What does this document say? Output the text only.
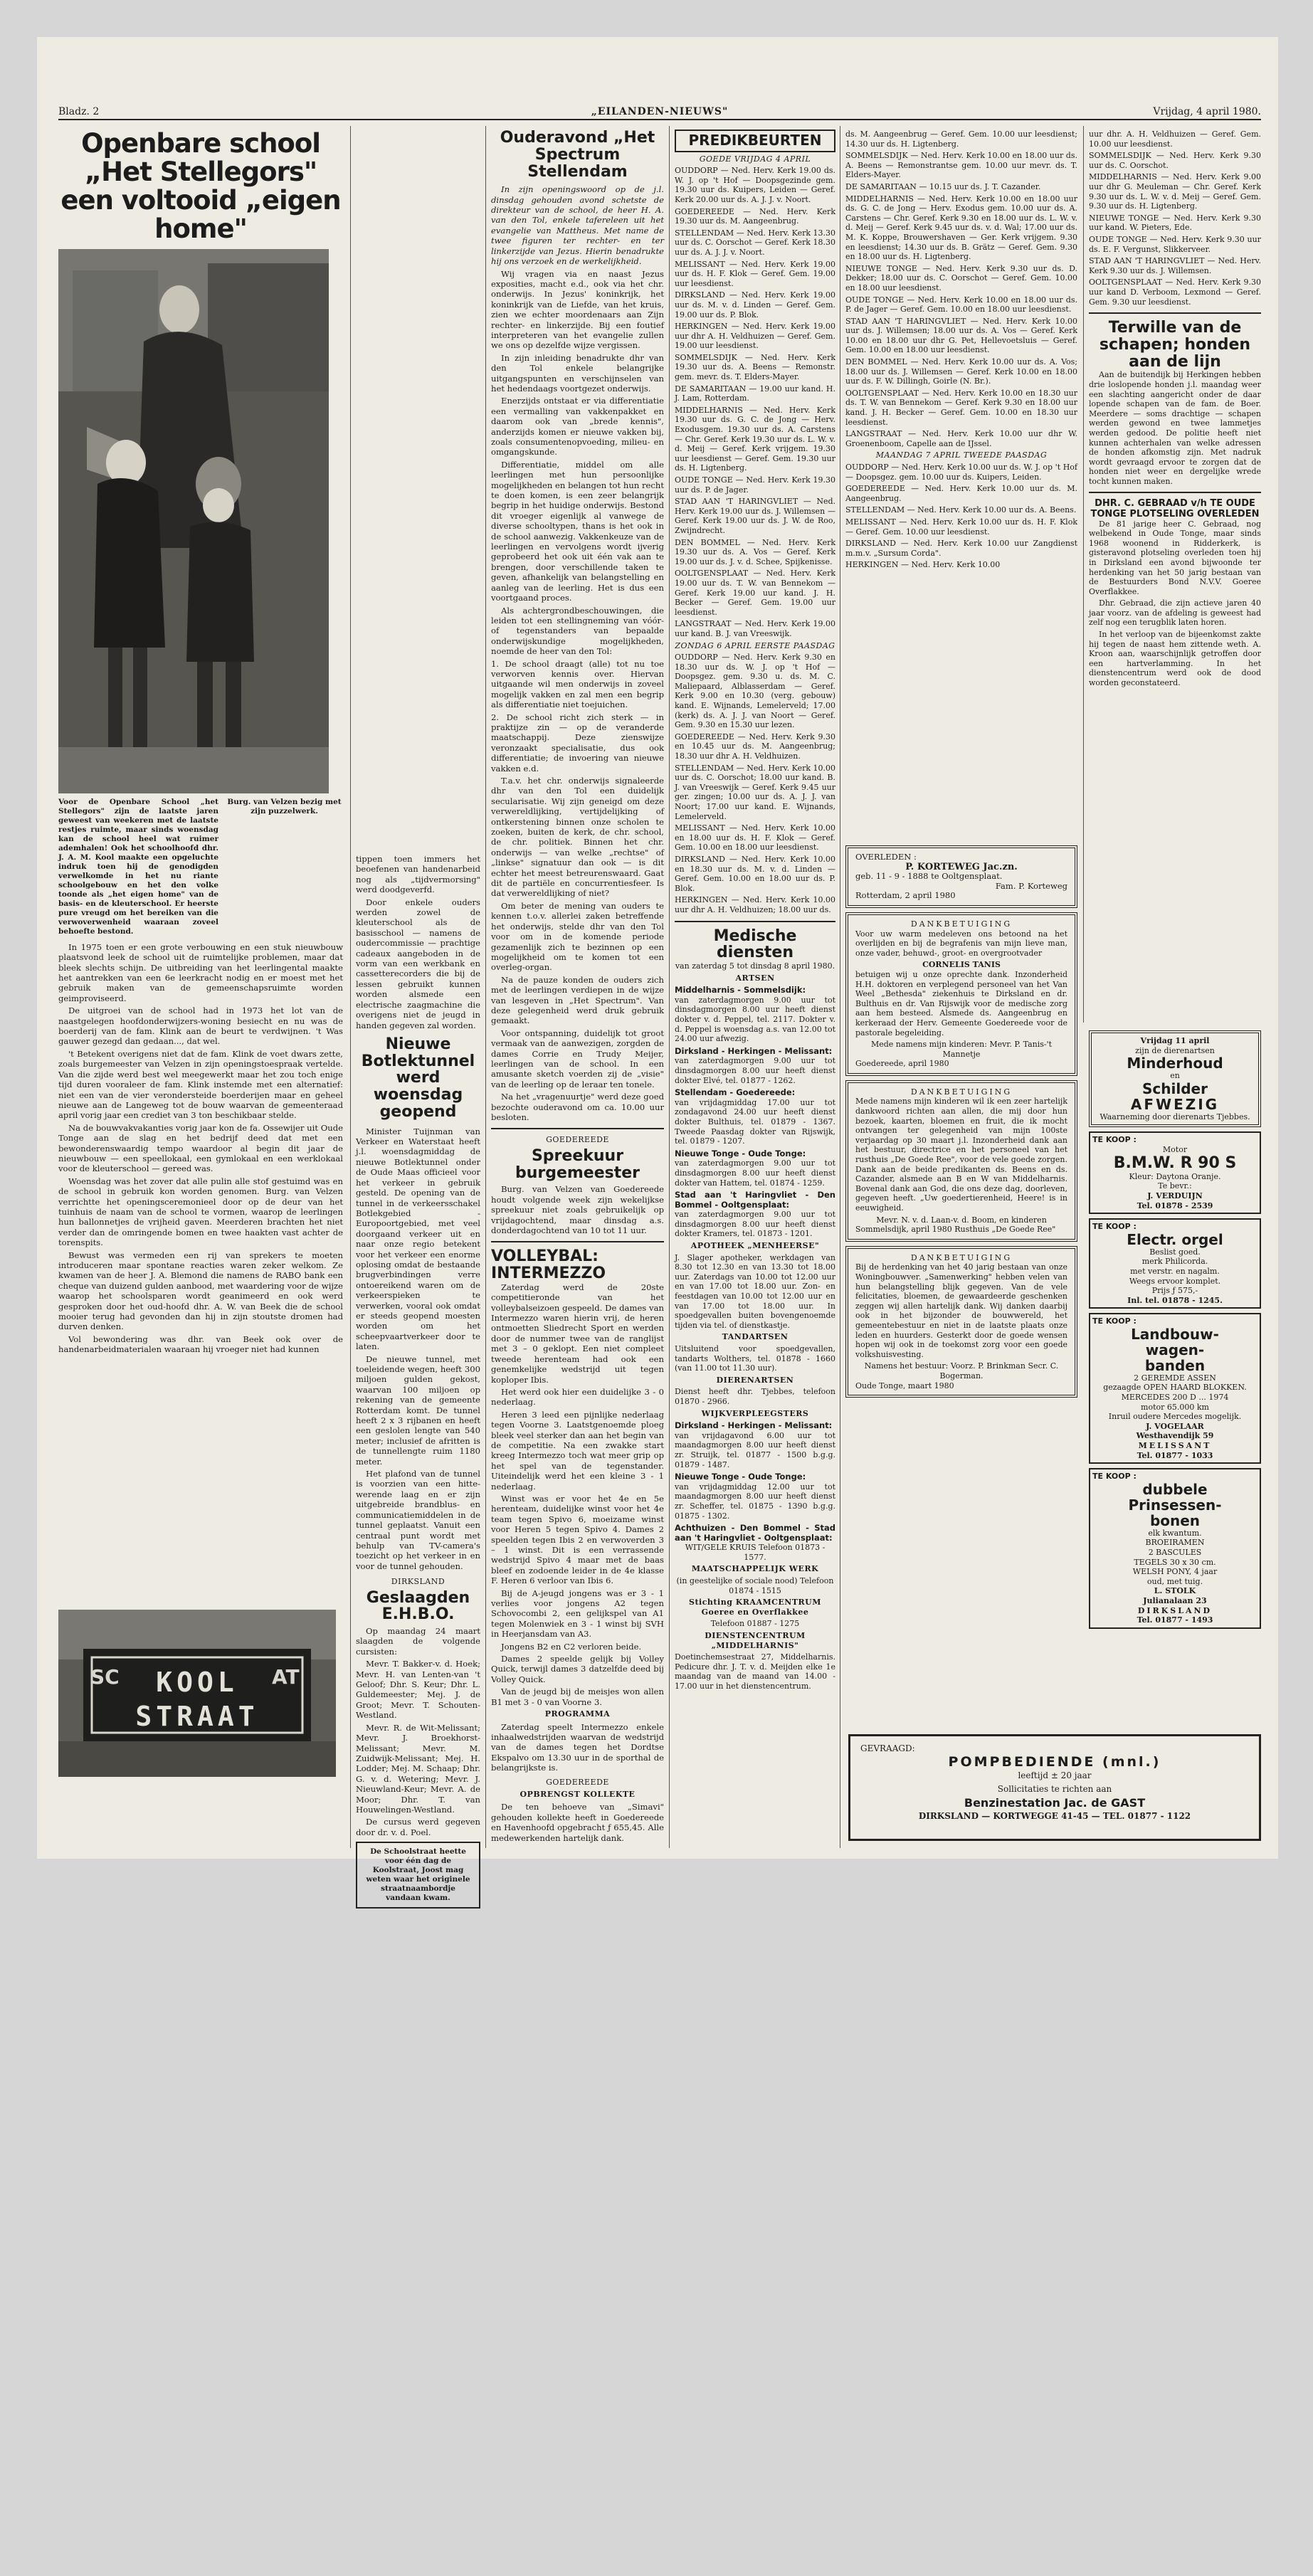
Bladz. 2	„EILANDEN-NIEUWS"	Vrijdag, 4 april 1980.
Openbare school „Het Stellegors"
een voltooid „eigen home"
Voor de Openbare School „het Stellegors" zijn de laatste jaren geweest van weekeren met de laatste restjes ruimte, maar sinds woensdag kan de school heel wat ruimer ademhalen! Ook het schoolhoofd dhr. J. A. M. Kool maakte een opgeluchte indruk toen hij de genodigden verwelkomde in het nu riante schoolgebouw en het den volke toonde als „het eigen home" van de basis- en de kleuterschool. Er heerste pure vreugd om het bereiken van die verwoverwenheid waaraan zoveel behoefte bestond.
Burg. van Velzen bezig met zijn puzzelwerk.

In 1975 toen er een grote verbouwing en een stuk nieuwbouw plaatsvond leek de school uit de ruimtelijke problemen, maar dat bleek slechts schijn. De uitbreiding van het leerlingental maakte het aantrekken van een 6e leerkracht nodig en er moest met het gebruik maken van de gemeenschapsruimte worden geimproviseerd.

De uitgroei van de school had in 1973 het lot van de naastgelegen hoofdonderwijzers-woning besiecht en nu was de boerderij van de fam. Klink aan de beurt te verdwijnen. 't Was gauwer gezegd dan gedaan..., dat wel.

't Betekent overigens niet dat de fam. Klink de voet dwars zette, zoals burgemeester van Velzen in zijn openingstoespraak vertelde. Van die zijde werd best wel meegewerkt maar het zou toch enige tijd duren vooraleer de fam. Klink instemde met een alternatief: niet een van de vier verondersteide boerderijen maar en geheel nieuwe aan de Langeweg tot de bouw waarvan de gemeenteraad april vorig jaar een crediet van 3 ton beschikbaar stelde.

Na de bouwvakvakanties vorig jaar kon de fa. Ossewijer uit Oude Tonge aan de slag en het bedrijf deed dat met een bewonderenswaardig tempo waardoor al begin dit jaar de nieuwbouw — een speellokaal, een gymlokaal en een werklokaal voor de kleuterschool — gereed was.

Woensdag was het zover dat alle pulin alle stof gestuimd was en de school in gebruik kon worden genomen. Burg. van Velzen verrichtte het openingsceremonieel door op de deur van het tuinhuis de naam van de school te vormen, waarop de leerlingen hun ballonnetjes de vrijheid gaven. Meerderen brachten het niet verder dan de omringende bomen en twee haakten vast achter de torenspits.

Bewust was vermeden een rij van sprekers te moeten introduceren maar spontane reacties waren zeker welkom. Ze kwamen van de heer J. A. Blemond die namens de RABO bank een cheque van duizend gulden aanbood, met waardering voor de wijze waarop het schoolsparen wordt geanimeerd en ook werd gesproken door het oud-hoofd dhr. A. W. van Beek die de school mooier terug had gevonden dan hij in zijn stoutste dromen had durven denken.

Vol bewondering was dhr. van Beek ook over de handenarbeidmaterialen waaraan hij vroeger niet had kunnen

SC	AT
KOOL STRAAT

tippen toen immers het beoefenen van handenarbeid nog als „tijdvermorsing" werd doodgeverfd.

Door enkele ouders werden zowel de kleuterschool als de basisschool — namens de oudercommissie — prachtige cadeaux aangeboden in de vorm van een werkbank en cassetterecorders die bij de lessen gebruikt kunnen worden alsmede een electrische zaagmachine die overigens niet de jeugd in handen gegeven zal worden.

Nieuwe Botlektunnel werd woensdag geopend

Minister Tuijnman van Verkeer en Waterstaat heeft j.l. woensdagmiddag de nieuwe Botlektunnel onder de Oude Maas officieel voor het verkeer in gebruik gesteld. De opening van de tunnel in de verkeersschakel Botlekgebied - Europoortgebied, met veel doorgaand verkeer uit en naar onze regio betekent voor het verkeer een enorme oplosing omdat de bestaande brugverbindingen verre ontoereikend waren om de verkeerspieken te verwerken, vooral ook omdat er steeds geopend moesten worden om het scheepvaartverkeer door te laten.

De nieuwe tunnel, met toeleidende wegen, heeft 300 miljoen gulden gekost, waarvan 100 miljoen op rekening van de gemeente Rotterdam komt. De tunnel heeft 2 x 3 rijbanen en heeft een geslolen lengte van 540 meter; inclusief de afritten is de tunnellengte ruim 1180 meter.

Het plafond van de tunnel is voorzien van een hitte-werende laag en er zijn uitgebreide brandblus- en communicatiemiddelen in de tunnel geplaatst. Vanuit een centraal punt wordt met behulp van TV-camera's toezicht op het verkeer in en voor de tunnel gehouden.

DIRKSLAND
Geslaagden E.H.B.O.

Op maandag 24 maart slaagden de volgende cursisten:

Mevr. T. Bakker-v. d. Hoek; Mevr. H. van Lenten-van 't Geloof; Dhr. S. Keur; Dhr. L. Guldemeester; Mej. J. de Groot; Mevr. T. Schouten-Westland.

Mevr. R. de Wit-Melissant; Mevr. J. Broekhorst-Melissant; Mevr. M. Zuidwijk-Melissant; Mej. H. Lodder; Mej. M. Schaap; Dhr. G. v. d. Wetering; Mevr. J. Nieuwland-Keur; Mevr. A. de Moor; Dhr. T. van Houwelingen-Westland.

De cursus werd gegeven door dr. v. d. Poel.

De Schoolstraat heette voor één dag de Koolstraat, Joost mag weten waar het originele straatnaambordje vandaan kwam.
Ouderavond „Het Spectrum Stellendam

In zijn openingswoord op de j.l. dinsdag gehouden avond schetste de direkteur van de school, de heer H. A. van den Tol, enkele tafereleen uit het evangelie van Mattheus. Met name de twee figuren ter rechter- en ter linkerzijde van Jezus. Hierin benadrukte hij ons verzoek en de werkelijkheid.

Wij vragen via en naast Jezus exposities, macht e.d., ook via het chr. onderwijs. In Jezus' koninkrijk, het koninkrijk van de Liefde, van het kruis, zien we echter moordenaars aan Zijn rechter- en linkerzijde. Bij een foutief interpreteren van het evangelie zullen we ons op dezelfde wijze vergissen.

In zijn inleiding benadrukte dhr van den Tol enkele belangrijke uitgangspunten en verschijnselen van het hedendaags voortgezet onderwijs.

Enerzijds ontstaat er via differentiatie een vermalling van vakkenpakket en daarom ook van „brede kennis", anderzijds komen er nieuwe vakken bij, zoals consumentenopvoeding, milieu- en omgangskunde.

Differentiatie, middel om alle leerlingen met hun persoonlijke mogelijkheden en belangen tot hun recht te doen komen, is een zeer belangrijk begrip in het huidige onderwijs. Bestond dit vroeger eigenlijk al vanwege de diverse schooltypen, thans is het ook in de school aanwezig. Vakkenkeuze van de leerlingen en vervolgens wordt ijverig geprobeerd het ook uit één vak aan te brengen, door verschillende taken te geven, afhankelijk van belangstelling en aanleg van de leerling. Het is dus een voortgaand proces.

Als achtergrondbeschouwingen, die leiden tot een stellingneming van vóór- of tegenstanders van bepaalde onderwijskundige mogelijkheden, noemde de heer van den Tol:

1. De school draagt (alle) tot nu toe verworven kennis over. Hiervan uitgaande wil men onderwijs in zoveel mogelijk vakken en zal men een begrip als differentiatie niet toejuichen.

2. De school richt zich sterk — in praktijze zin — op de veranderde maatschappij. Deze zienswijze veronzaakt specialisatie, dus ook differentiatie; de invoering van nieuwe vakken e.d.

T.a.v. het chr. onderwijs signaleerde dhr van den Tol een duidelijk secularisatie. Wij zijn geneigd om deze verwereldlijking, vertijdelijking of ontkerstening binnen onze scholen te zoeken, buiten de kerk, de chr. school, de chr. politiek. Binnen het chr. onderwijs — van welke „rechtse" of „linkse" signatuur dan ook — is dit echter het meest betreurenswaard. Gaat dit de partiële en concurrentiesfeer. Is dat verwereldlijking of niet?

Om beter de mening van ouders te kennen t.o.v. allerlei zaken betreffende het onderwijs, stelde dhr van den Tol voor om in de komende periode gezamenlijk zich te bezinnen op een mogelijkheid om te komen tot een overleg-organ.

Na de pauze konden de ouders zich met de leerlingen verdiepen in de wijze van lesgeven in „Het Spectrum". Van deze gelegenheid werd druk gebruik gemaakt.

Voor ontspanning, duidelijk tot groot vermaak van de aanwezigen, zorgden de dames Corrie en Trudy Meijer, leerlingen van de school. In een amusante sketch voerden zij de „visie" van de leerling op de leraar ten tonele.

Na het „vragenuurtje" werd deze goed bezochte ouderavond om ca. 10.00 uur besloten.

GOEDEREEDE
Spreekuur burgemeester

Burg. van Velzen van Goedereede houdt volgende week zijn wekelijkse spreekuur niet zoals gebruikelijk op vrijdagochtend, maar dinsdag a.s. donderdagochtend van 10 tot 11 uur.

VOLLEYBAL: INTERMEZZO

Zaterdag werd de 20ste competitieronde van het volleybalseizoen gespeeld. De dames van Intermezzo waren hierin vrij, de heren ontmoetten Sliedrecht Sport en werden door de nummer twee van de ranglijst met 3 – 0 geklopt. Een niet compleet tweede herenteam had ook een genemkelijke wedstrijd uit tegen koploper Ibis.

Het werd ook hier een duidelijke 3 - 0 nederlaag.

Heren 3 leed een pijnlijke nederlaag tegen Voorne 3. Laatstgenoemde ploeg bleek veel sterker dan aan het begin van de competitie. Na een zwakke start kreeg Intermezzo toch wat meer grip op het spel van de tegenstander. Uiteindelijk werd het een kleine 3 - 1 nederlaag.

Winst was er voor het 4e en 5e herenteam, duidelijke winst voor het 4e team tegen Spivo 6, moeizame winst voor Heren 5 tegen Spivo 4. Dames 2 speelden tegen Ibis 2 en verwoverden 3 – 1 winst. Dit is een verrassende wedstrijd Spivo 4 maar met de baas bleef en zodoende leider in de 4e klasse F. Heren 6 verloor van Ibis 6.

Bij de A-jeugd jongens was er 3 - 1 verlies voor jongens A2 tegen Schovocombi 2, een gelijkspel van A1 tegen Molenwiek en 3 - 1 winst bij SVH in Heerjansdam van A3.

Jongens B2 en C2 verloren beide.

Dames 2 speelde gelijk bij Volley Quick, terwijl dames 3 datzelfde deed bij Volley Quick.

Van de jeugd bij de meisjes won allen B1 met 3 - 0 van Voorne 3.

PROGRAMMA

Zaterdag speelt Intermezzo enkele inhaalwedstrijden waarvan de wedstrijd van de dames tegen het Dordtse Ekspalvo om 13.30 uur in de sporthal de belangrijkste is.

GOEDEREEDE
OPBRENGST KOLLEKTE

De ten behoeve van „Simavi" gehouden kollekte heeft in Goedereede en Havenhoofd opgebracht ƒ 655,45. Alle medewerkenden hartelijk dank.

PREDIKBEURTEN
GOEDE VRIJDAG 4 APRIL

OUDDORP — Ned. Herv. Kerk 19.00 ds. W. J. op 't Hof — Doopsgezinde gem. 19.30 uur ds. Kuipers, Leiden — Geref. Kerk 20.00 uur ds. A. J. J. v. Noort.

GOEDEREEDE — Ned. Herv. Kerk 19.30 uur ds. M. Aangeenbrug.

STELLENDAM — Ned. Herv. Kerk 13.30 uur ds. C. Oorschot — Geref. Kerk 18.30 uur ds. A. J. J. v. Noort.

MELISSANT — Ned. Herv. Kerk 19.00 uur ds. H. F. Klok — Geref. Gem. 19.00 uur leesdienst.

DIRKSLAND — Ned. Herv. Kerk 19.00 uur ds. M. v. d. Linden — Geref. Gem. 19.00 uur ds. P. Blok.

HERKINGEN — Ned. Herv. Kerk 19.00 uur dhr A. H. Veldhuizen — Geref. Gem. 19.00 uur leesdienst.

SOMMELSDIJK — Ned. Herv. Kerk 19.30 uur ds. A. Beens — Remonstr. gem. mevr. ds. T. Elders-Mayer.

DE SAMARITAAN — 19.00 uur kand. H. J. Lam, Rotterdam.

MIDDELHARNIS — Ned. Herv. Kerk 19.30 uur ds. G. C. de Jong — Herv. Exodusgem. 19.30 uur ds. A. Carstens — Chr. Geref. Kerk 19.30 uur ds. L. W. v. d. Meij — Geref. Kerk vrijgem. 19.30 uur leesdienst — Geref. Gem. 19.30 uur ds. H. Ligtenberg.

OUDE TONGE — Ned. Herv. Kerk 19.30 uur ds. P. de Jager.

STAD AAN 'T HARINGVLIET — Ned. Herv. Kerk 19.00 uur ds. J. Willemsen — Geref. Kerk 19.00 uur ds. J. W. de Roo, Zwijndrecht.

DEN BOMMEL — Ned. Herv. Kerk 19.30 uur ds. A. Vos — Geref. Kerk 19.00 uur ds. J. v. d. Schee, Spijkenisse.

OOLTGENSPLAAT — Ned. Herv. Kerk 19.00 uur ds. T. W. van Bennekom — Geref. Kerk 19.00 uur kand. J. H. Becker — Geref. Gem. 19.00 uur leesdienst.

LANGSTRAAT — Ned. Herv. Kerk 19.00 uur kand. B. J. van Vreeswijk.

ZONDAG 6 APRIL EERSTE PAASDAG

OUDDORP — Ned. Herv. Kerk 9.30 en 18.30 uur ds. W. J. op 't Hof — Doopsgez. gem. 9.30 u. ds. M. C. Maliepaard, Alblasserdam — Geref. Kerk 9.00 en 10.30 (verg. gebouw) kand. E. Wijnands, Lemelerveld; 17.00 (kerk) ds. A. J. J. van Noort — Geref. Gem. 9.30 en 15.30 uur lezen.

GOEDEREEDE — Ned. Herv. Kerk 9.30 en 10.45 uur ds. M. Aangeenbrug; 18.30 uur dhr A. H. Veldhuizen.

STELLENDAM — Ned. Herv. Kerk 10.00 uur ds. C. Oorschot; 18.00 uur kand. B. J. van Vreeswijk — Geref. Kerk 9.45 uur ger. zingen; 10.00 uur ds. A. J. J. van Noort; 17.00 uur kand. E. Wijnands, Lemelerveld.

MELISSANT — Ned. Herv. Kerk 10.00 en 18.00 uur ds. H. F. Klok — Geref. Gem. 10.00 en 18.00 uur leesdienst.

DIRKSLAND — Ned. Herv. Kerk 10.00 en 18.30 uur ds. M. v. d. Linden — Geref. Gem. 10.00 en 18.00 uur ds. P. Blok.

HERKINGEN — Ned. Herv. Kerk 10.00 uur dhr A. H. Veldhuizen; 18.00 uur ds.

Medische diensten
van zaterdag 5 tot dinsdag 8 april 1980.
ARTSEN
Middelharnis - Sommelsdijk:

van zaterdagmorgen 9.00 uur tot dinsdagmorgen 8.00 uur heeft dienst dokter v. d. Peppel, tel. 2117. Dokter v. d. Peppel is woensdag a.s. van 12.00 tot 24.00 uur afwezig.

Dirksland - Herkingen - Melissant:

van zaterdagmorgen 9.00 uur tot dinsdagmorgen 8.00 uur heeft dienst dokter Elvé, tel. 01877 - 1262.

Stellendam - Goedereede:

van vrijdagmiddag 17.00 uur tot zondagavond 24.00 uur heeft dienst dokter Bulthuis, tel. 01879 - 1367. Tweede Paasdag dokter van Rijswijk, tel. 01879 - 1207.

Nieuwe Tonge - Oude Tonge:

van zaterdagmorgen 9.00 uur tot dinsdagmorgen 8.00 uur heeft dienst dokter van Hattem, tel. 01874 - 1259.

Stad aan 't Haringvliet - Den Bommel - Ooltgensplaat:

van zaterdagmorgen 9.00 uur tot dinsdagmorgen 8.00 uur heeft dienst dokter Kramers, tel. 01873 - 1201.

APOTHEEK „MENHEERSE"

J. Slager apotheker, werkdagen van 8.30 tot 12.30 en van 13.30 tot 18.00 uur. Zaterdags van 10.00 tot 12.00 uur en van 17.00 tot 18.00 uur. Zon- en feestdagen van 10.00 tot 12.00 uur en van 17.00 tot 18.00 uur. In spoedgevallen buiten bovengenoemde tijden via tel. of dienstkastje.

TANDARTSEN

Uitsluitend voor spoedgevallen, tandarts Wolthers, tel. 01878 - 1660 (van 11.00 tot 11.30 uur).

DIERENARTSEN

Dienst heeft dhr. Tjebbes, telefoon 01870 - 2966.

WIJKVERPLEEGSTERS
Dirksland - Herkingen - Melissant:

van vrijdagavond 6.00 uur tot maandagmorgen 8.00 uur heeft dienst zr. Struijk, tel. 01877 - 1500 b.g.g. 01879 - 1487.

Nieuwe Tonge - Oude Tonge:

van vrijdagmiddag 12.00 uur tot maandagmorgen 8.00 uur heeft dienst zr. Scheffer, tel. 01875 - 1390 b.g.g. 01875 - 1302.

Achthuizen - Den Bommel - Stad aan 't Haringvliet - Ooltgensplaat:

WIT/GELE KRUIS Telefoon 01873 - 1577.

MAATSCHAPPELIJK WERK

(in geestelijke of sociale nood) Telefoon 01874 - 1515

Stichting KRAAMCENTRUM Goeree en Overflakkee

Telefoon 01887 - 1275

DIENSTENCENTRUM „MIDDELHARNIS"

Doetinchemsestraat 27, Middelharnis. Pedicure dhr. J. T. v. d. Meijden elke 1e maandag van de maand van 14.00 - 17.00 uur in het dienstencentrum.

ds. M. Aangeenbrug — Geref. Gem. 10.00 uur leesdienst; 14.30 uur ds. H. Ligtenberg.

SOMMELSDIJK — Ned. Herv. Kerk 10.00 en 18.00 uur ds. A. Beens — Remonstrantse gem. 10.00 uur mevr. ds. T. Elders-Mayer.

DE SAMARITAAN — 10.15 uur ds. J. T. Cazander.

MIDDELHARNIS — Ned. Herv. Kerk 10.00 en 18.00 uur ds. G. C. de Jong — Herv. Exodus gem. 10.00 uur ds. A. Carstens — Chr. Geref. Kerk 9.30 en 18.00 uur ds. L. W. v. d. Meij — Geref. Kerk 9.45 uur ds. v. d. Wal; 17.00 uur ds. M. K. Koppe, Brouwershaven — Ger. Kerk vrijgem. 9.30 en leesdienst; 14.30 uur ds. B. Grätz — Geref. Gem. 9.30 en 18.00 uur ds. H. Ligtenberg.

NIEUWE TONGE — Ned. Herv. Kerk 9.30 uur ds. D. Dekker; 18.00 uur ds. C. Oorschot — Geref. Gem. 10.00 en 18.00 uur leesdienst.

OUDE TONGE — Ned. Herv. Kerk 10.00 en 18.00 uur ds. P. de Jager — Geref. Gem. 10.00 en 18.00 uur leesdienst.

STAD AAN 'T HARINGVLIET — Ned. Herv. Kerk 10.00 uur ds. J. Willemsen; 18.00 uur ds. A. Vos — Geref. Kerk 10.00 en 18.00 uur dhr G. Pet, Hellevoetsluis — Geref. Gem. 10.00 en 18.00 uur leesdienst.

DEN BOMMEL — Ned. Herv. Kerk 10.00 uur ds. A. Vos; 18.00 uur ds. J. Willemsen — Geref. Kerk 10.00 en 18.00 uur ds. F. W. Dillingh, Goirle (N. Br.).

OOLTGENSPLAAT — Ned. Herv. Kerk 10.00 en 18.30 uur ds. T. W. van Bennekom — Geref. Kerk 9.30 en 18.00 uur kand. J. H. Becker — Geref. Gem. 10.00 en 18.30 uur leesdienst.

LANGSTRAAT — Ned. Herv. Kerk 10.00 uur dhr W. Groenenboom, Capelle aan de IJssel.

MAANDAG 7 APRIL TWEEDE PAASDAG

OUDDORP — Ned. Herv. Kerk 10.00 uur ds. W. J. op 't Hof — Doopsgez. gem. 10.00 uur ds. Kuipers, Leiden.

GOEDEREEDE — Ned. Herv. Kerk 10.00 uur ds. M. Aangeenbrug.

STELLENDAM — Ned. Herv. Kerk 10.00 uur ds. A. Beens.

MELISSANT — Ned. Herv. Kerk 10.00 uur ds. H. F. Klok — Geref. Gem. 10.00 uur leesdienst.

DIRKSLAND — Ned. Herv. Kerk 10.00 uur Zangdienst m.m.v. „Sursum Corda".

HERKINGEN — Ned. Herv. Kerk 10.00

OVERLEDEN :
P. KORTEWEG Jac.zn.
geb. 11 - 9 - 1888 te Ooltgensplaat.
Fam. P. Korteweg
Rotterdam, 2 april 1980
DANKBETUIGING

Voor uw warm medeleven ons betoond na het overlijden en bij de begrafenis van mijn lieve man, onze vader, behuwd-, groot- en overgrootvader

CORNELIS TANIS

betuigen wij u onze oprechte dank. Inzonderheid H.H. doktoren en verplegend personeel van het Van Weel „Bethesda" ziekenhuis te Dirksland en dr. Bulthuis en dr. Van Rijswijk voor de medische zorg aan hem besteed. Alsmede ds. Aangeenbrug en kerkeraad der Herv. Gemeente Goedereede voor de pastorale begeleiding.

Mede namens mijn kinderen: Mevr. P. Tanis-'t Mannetje
Goedereede, april 1980
DANKBETUIGING

Mede namens mijn kinderen wil ik een zeer hartelijk dankwoord richten aan allen, die mij door hun bezoek, kaarten, bloemen en fruit, die ik mocht ontvangen ter gelegenheid van mijn 100ste verjaardag op 30 maart j.l. Inzonderheid dank aan het bestuur, directrice en het personeel van het rusthuis „De Goede Ree", voor de vele goede zorgen. Dank aan de beide predikanten ds. Beens en ds. Cazander, alsmede aan B en W van Middelharnis. Bovenal dank aan God, die ons deze dag, doorleven, gegeven heeft. „Uw goedertierenheid, Heere! is in eeuwigheid.

Mevr. N. v. d. Laan-v. d. Boom, en kinderen
Sommelsdijk, april 1980 Rusthuis „De Goede Ree"
DANKBETUIGING

Bij de herdenking van het 40 jarig bestaan van onze Woningbouwver. „Samenwerking" hebben velen van hun belangstelling blijk gegeven. Van de vele felicitaties, bloemen, de gewaardeerde geschenken zeggen wij allen hartelijk dank. Wij danken daarbij ook in het bijzonder de bouwwereld, het gemeentebestuur en niet in de laatste plaats onze leden en huurders. Gesterkt door de goede wensen hopen wij ook in de toekomst zorg voor een goede volkshuisvesting.

Namens het bestuur: Voorz. P. Brinkman Secr. C. Bogerman.
Oude Tonge, maart 1980

uur dhr. A. H. Veldhuizen — Geref. Gem. 10.00 uur leesdienst.

SOMMELSDIJK — Ned. Herv. Kerk 9.30 uur ds. C. Oorschot.

MIDDELHARNIS — Ned. Herv. Kerk 9.00 uur dhr G. Meuleman — Chr. Geref. Kerk 9.30 uur ds. L. W. v. d. Meij — Geref. Gem. 9.30 uur ds. H. Ligtenberg.

NIEUWE TONGE — Ned. Herv. Kerk 9.30 uur kand. W. Pieters, Ede.

OUDE TONGE — Ned. Herv. Kerk 9.30 uur ds. E. F. Vergunst, Slikkerveer.

STAD AAN 'T HARINGVLIET — Ned. Herv. Kerk 9.30 uur ds. J. Willemsen.

OOLTGENSPLAAT — Ned. Herv. Kerk 9.30 uur kand D. Verboom, Lexmond — Geref. Gem. 9.30 uur leesdienst.

Terwille van de schapen; honden aan de lijn

Aan de buitendijk bij Herkingen hebben drie loslopende honden j.l. maandag weer een slachting aangericht onder de daar lopende schapen van de fam. de Boer. Meerdere — soms drachtige — schapen werden gewond en twee lammetjes werden gedood. De politie heeft niet kunnen achterhalen van welke adressen de honden afkomstig zijn. Met nadruk wordt gevraagd ervoor te zorgen dat de honden niet weer en dergelijke wrede tocht kunnen maken.

DHR. C. GEBRAAD v/h TE OUDE TONGE PLOTSELING OVERLEDEN

De 81 jarige heer C. Gebraad, nog welbekend in Oude Tonge, maar sinds 1968 woonend in Ridderkerk, is gisteravond plotseling overleden toen hij in Dirksland een avond bijwoonde ter herdenking van het 50 jarig bestaan van de Bestuurders Bond N.V.V. Goeree Overflakkee.

Dhr. Gebraad, die zijn actieve jaren 40 jaar voorz. van de afdeling is geweest had zelf nog een terugblik laten horen.

In het verloop van de bijeenkomst zakte hij tegen de naast hem zittende weth. A. Kroon aan, waarschijnlijk getroffen door een hartverlamming. In het dienstencentrum werd ook de dood worden geconstateerd.

Vrijdag 11 april
zijn de dierenartsen
Minderhoud
en
Schilder
AFWEZIG
Waarneming door dierenarts Tjebbes.
TE KOOP :
Motor
B.M.W. R 90 S
Kleur: Daytona Oranje.
Te bevr.:
J. VERDUIJN
Tel. 01878 - 2539
TE KOOP :
Electr. orgel
Beslist goed.
merk Philicorda.
met verstr. en nagalm.
Weegs ervoor komplet.
Prijs ƒ 575,-
Inl. tel. 01878 - 1245.
TE KOOP :
Landbouw-
wagen-
banden
2 GEREMDE ASSEN
gezaagde OPEN HAARD BLOKKEN.
MERCEDES 200 D ... 1974
motor 65.000 km
Inruil oudere Mercedes mogelijk.
J. VOGELAAR
Westhavendijk 59
MELISSANT
Tel. 01877 - 1033
TE KOOP :
dubbele
Prinsessen-
bonen
elk kwantum.
BROEIRAMEN
2 BASCULES
TEGELS 30 x 30 cm.
WELSH PONY, 4 jaar
oud, met tuig.
L. STOLK
Julianalaan 23
DIRKSLAND
Tel. 01877 - 1493
GEVRAAGD:
POMPBEDIENDE (mnl.)
leeftijd ± 20 jaar
Sollicitaties te richten aan
Benzinestation Jac. de GAST
DIRKSLAND — KORTWEGGE 41-45 — TEL. 01877 - 1122
